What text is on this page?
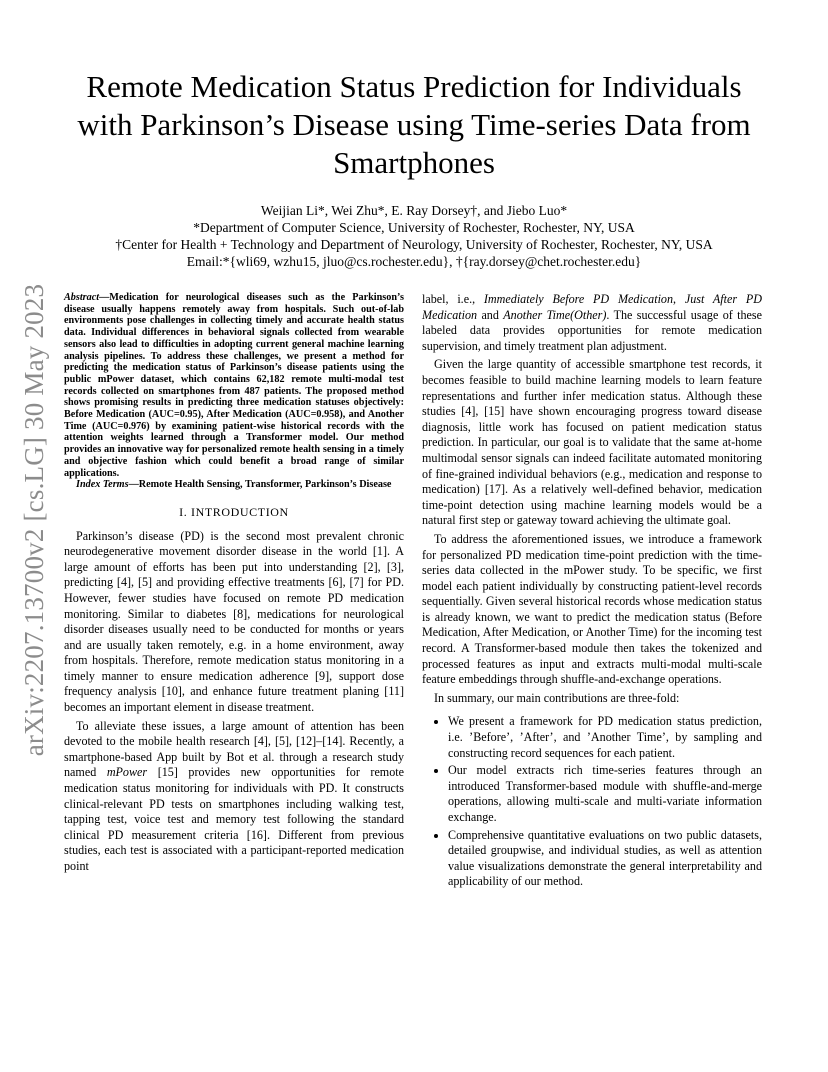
arXiv:2207.13700v2 [cs.LG] 30 May 2023
Remote Medication Status Prediction for Individuals with Parkinson’s Disease using Time-series Data from Smartphones
Weijian Li*, Wei Zhu*, E. Ray Dorsey†, and Jiebo Luo*
*Department of Computer Science, University of Rochester, Rochester, NY, USA
†Center for Health + Technology and Department of Neurology, University of Rochester, Rochester, NY, USA
Email:*{wli69, wzhu15, jluo@cs.rochester.edu}, †{ray.dorsey@chet.rochester.edu}

Abstract—Medication for neurological diseases such as the Parkinson’s disease usually happens remotely away from hospitals. Such out-of-lab environments pose challenges in collecting timely and accurate health status data. Individual differences in behavioral signals collected from wearable sensors also lead to difficulties in adopting current general machine learning analysis pipelines. To address these challenges, we present a method for predicting the medication status of Parkinson’s disease patients using the public mPower dataset, which contains 62,182 remote multi-modal test records collected on smartphones from 487 patients. The proposed method shows promising results in predicting three medication statuses objectively: Before Medication (AUC=0.95), After Medication (AUC=0.958), and Another Time (AUC=0.976) by examining patient-wise historical records with the attention weights learned through a Transformer model. Our method provides an innovative way for personalized remote health sensing in a timely and objective fashion which could benefit a broad range of similar applications.

Index Terms—Remote Health Sensing, Transformer, Parkinson’s Disease

I. INTRODUCTION

Parkinson’s disease (PD) is the second most prevalent chronic neurodegenerative movement disorder disease in the world [1]. A large amount of efforts has been put into understanding [2], [3], predicting [4], [5] and providing effective treatments [6], [7] for PD. However, fewer studies have focused on remote PD medication monitoring. Similar to diabetes [8], medications for neurological disorder diseases usually need to be conducted for months or years and are usually taken remotely, e.g. in a home environment, away from hospitals. Therefore, remote medication status monitoring in a timely manner to ensure medication adherence [9], support dose frequency analysis [10], and enhance future treatment planing [11] becomes an important element in disease treatment.

To alleviate these issues, a large amount of attention has been devoted to the mobile health research [4], [5], [12]–[14]. Recently, a smartphone-based App built by Bot et al. through a research study named mPower [15] provides new opportunities for remote medication status monitoring for individuals with PD. It constructs clinical-relevant PD tests on smartphones including walking test, tapping test, voice test and memory test following the standard clinical PD measurement criteria [16]. Different from previous studies, each test is associated with a participant-reported medication point

label, i.e., Immediately Before PD Medication, Just After PD Medication and Another Time(Other). The successful usage of these labeled data provides opportunities for remote medication supervision, and timely treatment plan adjustment.

Given the large quantity of accessible smartphone test records, it becomes feasible to build machine learning models to learn feature representations and further infer medication status. Although these studies [4], [15] have shown encouraging progress toward disease diagnosis, little work has focused on patient medication status prediction. In particular, our goal is to validate that the same at-home multimodal sensor signals can indeed facilitate automated monitoring of fine-grained individual behaviors (e.g., medication and response to medication) [17]. As a relatively well-defined behavior, medication time-point detection using machine learning models would be a natural first step or gateway toward achieving the ultimate goal.

To address the aforementioned issues, we introduce a framework for personalized PD medication time-point prediction with the time-series data collected in the mPower study. To be specific, we first model each patient individually by constructing patient-level records sequentially. Given several historical records whose medication status is already known, we want to predict the medication status (Before Medication, After Medication, or Another Time) for the incoming test record. A Transformer-based module then takes the tokenized and processed features as input and extracts multi-modal multi-scale feature embeddings through shuffle-and-exchange operations.

In summary, our main contributions are three-fold:

• We present a framework for PD medication status prediction, i.e. ’Before’, ’After’, and ’Another Time’, by sampling and constructing record sequences for each patient.
• Our model extracts rich time-series features through an introduced Transformer-based module with shuffle-and-merge operations, allowing multi-scale and multi-variate information exchange.
• Comprehensive quantitative evaluations on two public datasets, detailed groupwise, and individual studies, as well as attention value visualizations demonstrate the general interpretability and applicability of our method.
